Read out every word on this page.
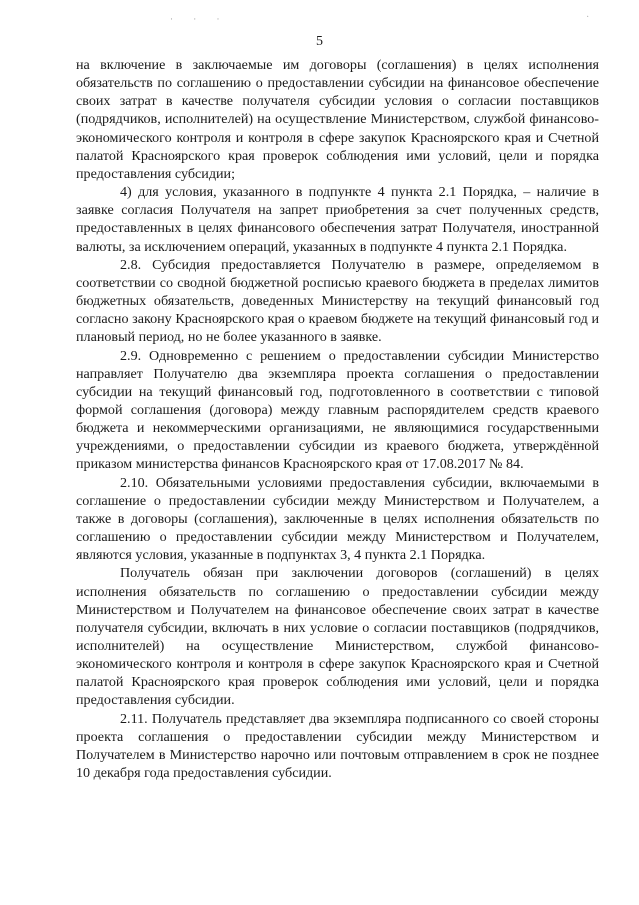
· · ·	·
5

на включение в заключаемые им договоры (соглашения) в целях исполнения обязательств по соглашению о предоставлении субсидии на финансовое обеспечение своих затрат в качестве получателя субсидии условия о согласии поставщиков (подрядчиков, исполнителей) на осуществление Министерством, службой финансово-экономического контроля и контроля в сфере закупок Красноярского края и Счетной палатой Красноярского края проверок соблюдения ими условий, цели и порядка предоставления субсидии;

4) для условия, указанного в подпункте 4 пункта 2.1 Порядка, – наличие в заявке согласия Получателя на запрет приобретения за счет полученных средств, предоставленных в целях финансового обеспечения затрат Получателя, иностранной валюты, за исключением операций, указанных в подпункте 4 пункта 2.1 Порядка.

2.8. Субсидия предоставляется Получателю в размере, определяемом в соответствии со сводной бюджетной росписью краевого бюджета в пределах лимитов бюджетных обязательств, доведенных Министерству на текущий финансовый год согласно закону Красноярского края о краевом бюджете на текущий финансовый год и плановый период, но не более указанного в заявке.

2.9. Одновременно с решением о предоставлении субсидии Министерство направляет Получателю два экземпляра проекта соглашения о предоставлении субсидии на текущий финансовый год, подготовленного в соответствии с типовой формой соглашения (договора) между главным распорядителем средств краевого бюджета и некоммерческими организациями, не являющимися государственными учреждениями, о предоставлении субсидии из краевого бюджета, утверждённой приказом министерства финансов Красноярского края от 17.08.2017 № 84.

2.10. Обязательными условиями предоставления субсидии, включаемыми в соглашение о предоставлении субсидии между Министерством и Получателем, а также в договоры (соглашения), заключенные в целях исполнения обязательств по соглашению о предоставлении субсидии между Министерством и Получателем, являются условия, указанные в подпунктах 3, 4 пункта 2.1 Порядка.

Получатель обязан при заключении договоров (соглашений) в целях исполнения обязательств по соглашению о предоставлении субсидии между Министерством и Получателем на финансовое обеспечение своих затрат в качестве получателя субсидии, включать в них условие о согласии поставщиков (подрядчиков, исполнителей) на осуществление Министерством, службой финансово-экономического контроля и контроля в сфере закупок Красноярского края и Счетной палатой Красноярского края проверок соблюдения ими условий, цели и порядка предоставления субсидии.

2.11. Получатель представляет два экземпляра подписанного со своей стороны проекта соглашения о предоставлении субсидии между Министерством и Получателем в Министерство нарочно или почтовым отправлением в срок не позднее 10 декабря года предоставления субсидии.
